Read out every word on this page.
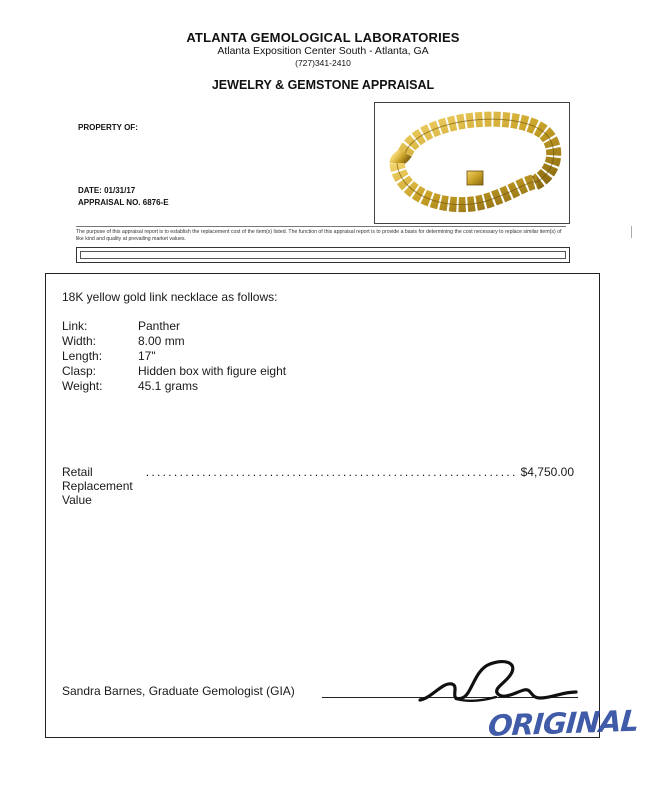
ATLANTA GEMOLOGICAL LABORATORIES
Atlanta Exposition Center South - Atlanta, GA
(727)341-2410
JEWELRY & GEMSTONE APPRAISAL
PROPERTY OF:
DATE: 01/31/17
APPRAISAL NO. 6876-E
The purpose of this appraisal report is to establish the replacement cost of the item(s) listed. The function of this appraisal report is to provide a basis for determining the cost necessary to replace similar item(s) of like kind and quality at prevailing market values.
18K yellow gold link necklace as follows:
Link:	Panther
Width:	8.00 mm
Length:	17"
Clasp:	Hidden box with figure eight
Weight:	45.1 grams
Retail Replacement Value
.................................................................. $4,750.00
Sandra Barnes, Graduate Gemologist (GIA)
ORIGINAL
